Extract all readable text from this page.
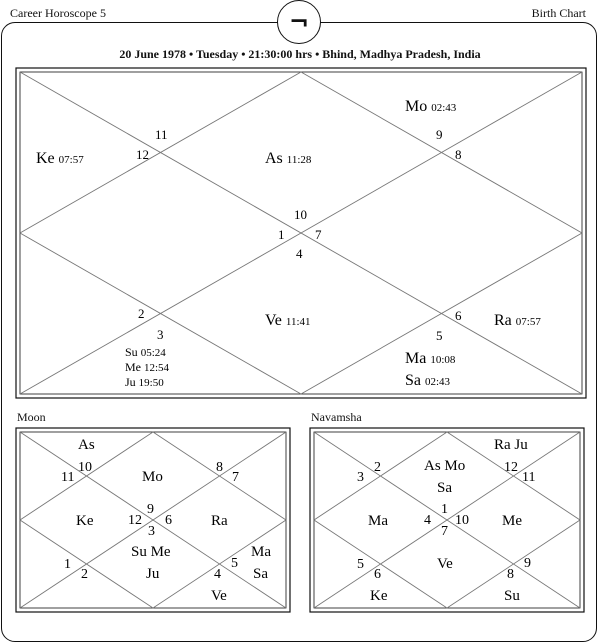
Career Horoscope 5	Birth Chart
¬
20 June 1978 • Tuesday • 21:30:00 hrs • Bhind, Madhya Pradesh, India
11
12
10
1 7
4
9
8
2
3
6
5
Ke 07:57	As 11:28
Mo 02:43
Ve 11:41	Ra 07:57
Su 05:24
Me 12:54
Ju 19:50
Ma 10:08
Sa 02:43
10
11
8
7
9
12 6
3
1
2
5
4
As
Mo
Ke	Ra
Su Me
Ju
Ma
Sa
Ve
2
3
12
11
1
4 10
7
5
6
9
8
Ra Ju
As Mo
Sa
Ma	Me
Ve
Ke	Su
Moon	Navamsha
